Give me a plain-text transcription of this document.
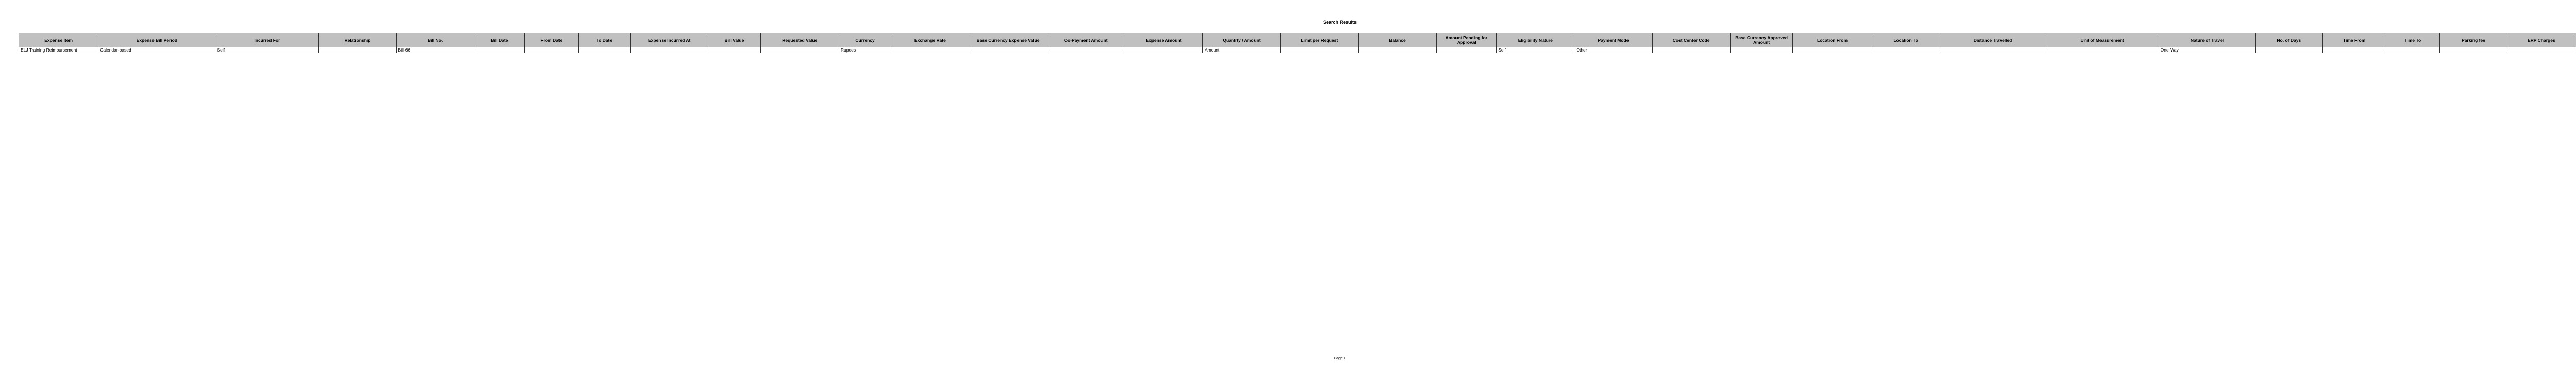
Search Results
Expense Item	Expense Bill Period	Incurred For	Relationship	Bill No.	Bill Date	From Date	To Date	Expense Incurred At	Bill Value	Requested Value	Currency	Exchange Rate	Base Currency Expense Value	Co-Payment Amount	Expense Amount	Quantity / Amount	Limit per Request	Balance	Amount Pending for Approval	Eligibility Nature	Payment Mode	Cost Center Code	Base Currency Approved Amount	Location From	Location To	Distance Travelled	Unit of Measurement	Nature of Travel	No. of Days	Time From	Time To	Parking fee	ERP Charges	
ELJ Training Reimbursement	Calendar-based	Self		Bill-66							Rupees					Amount				Self	Other							One Way						
Page 1
